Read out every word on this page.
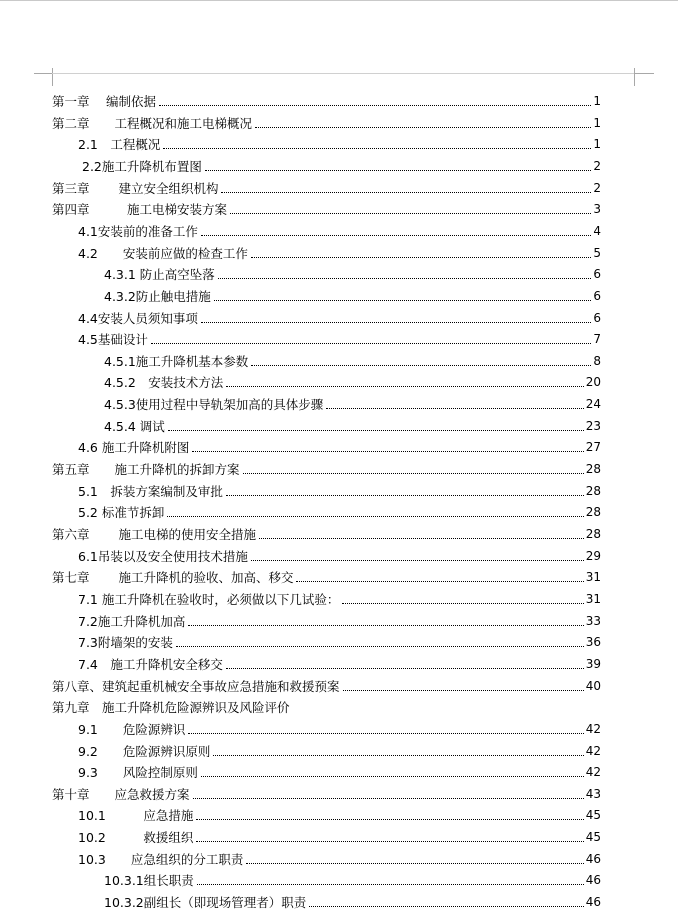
第一章　 编制依据	1
第二章　　工程概况和施工电梯概况	1
2.1　工程概况	1
2.2施工升降机布置图	2
第三章　　 建立安全组织机构	2
第四章　　　施工电梯安装方案	3
4.1安装前的准备工作	4
4.2　　安装前应做的检查工作	5
4.3.1 防止高空坠落	6
4.3.2防止触电措施	6
4.4安装人员须知事项	6
4.5基础设计	7
4.5.1施工升降机基本参数	8
4.5.2　安装技术方法	20
4.5.3使用过程中导轨架加高的具体步骤	24
4.5.4 调试	23
4.6 施工升降机附图	27
第五章　　施工升降机的拆卸方案	28
5.1　拆装方案编制及审批	28
5.2 标准节拆卸	28
第六章　　 施工电梯的使用安全措施	28
6.1吊装以及安全使用技术措施	29
第七章　　 施工升降机的验收、加高、移交	31
7.1 施工升降机在验收时，必须做以下几试验：	31
7.2施工升降机加高	33
7.3附墙架的安装	36
7.4　施工升降机安全移交	39
第八章、建筑起重机械安全事故应急措施和救援预案	40
第九章　施工升降机危险源辨识及风险评价
9.1　　危险源辨识	42
9.2　　危险源辨识原则	42
9.3　　风险控制原则	42
第十章　　应急救援方案	43
10.1　　　应急措施	45
10.2　　　救援组织	45
10.3　　应急组织的分工职责	46
10.3.1组长职责	46
10.3.2副组长（即现场管理者）职责	46
